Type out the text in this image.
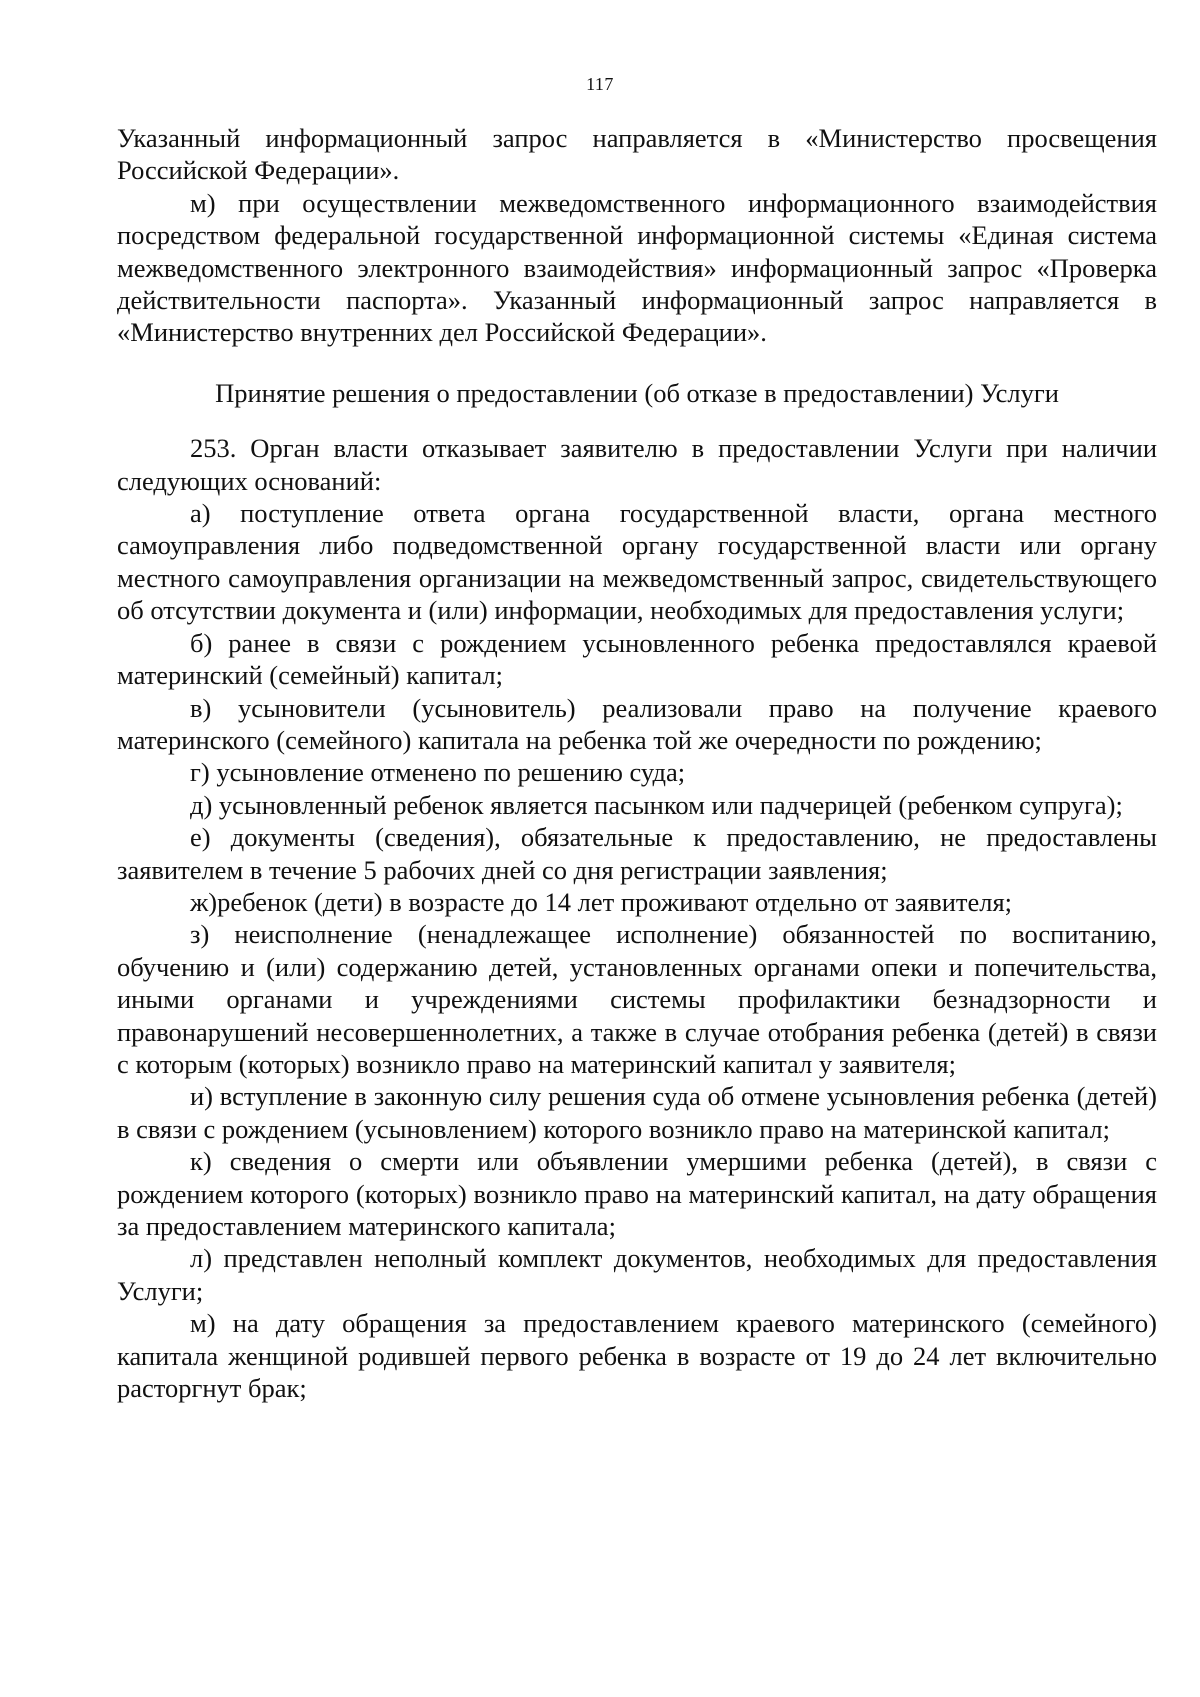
117

Указанный информационный запрос направляется в «Министерство просвещения Российской Федерации».

м) при осуществлении межведомственного информационного взаимодействия посредством федеральной государственной информационной системы «Единая система межведомственного электронного взаимодействия» информационный запрос «Проверка действительности паспорта». Указанный информационный запрос направляется в «Министерство внутренних дел Российской Федерации».

Принятие решения о предоставлении (об отказе в предоставлении) Услуги

253. Орган власти отказывает заявителю в предоставлении Услуги при наличии следующих оснований:

а) поступление ответа органа государственной власти, органа местного самоуправления либо подведомственной органу государственной власти или органу местного самоуправления организации на межведомственный запрос, свидетельствующего об отсутствии документа и (или) информации, необходимых для предоставления услуги;

б) ранее в связи с рождением усыновленного ребенка предоставлялся краевой материнский (семейный) капитал;

в) усыновители (усыновитель) реализовали право на получение краевого материнского (семейного) капитала на ребенка той же очередности по рождению;

г) усыновление отменено по решению суда;

д) усыновленный ребенок является пасынком или падчерицей (ребенком супруга);

е) документы (сведения), обязательные к предоставлению, не предоставлены заявителем в течение 5 рабочих дней со дня регистрации заявления;

ж)ребенок (дети) в возрасте до 14 лет проживают отдельно от заявителя;

з) неисполнение (ненадлежащее исполнение) обязанностей по воспитанию, обучению и (или) содержанию детей, установленных органами опеки и попечительства, иными органами и учреждениями системы профилактики безнадзорности и правонарушений несовершеннолетних, а также в случае отобрания ребенка (детей) в связи с которым (которых) возникло право на материнский капитал у заявителя;

и) вступление в законную силу решения суда об отмене усыновления ребенка (детей) в связи с рождением (усыновлением) которого возникло право на материнской капитал;

к) сведения о смерти или объявлении умершими ребенка (детей), в связи с рождением которого (которых) возникло право на материнский капитал, на дату обращения за предоставлением материнского капитала;

л) представлен неполный комплект документов, необходимых для предоставления Услуги;

м) на дату обращения за предоставлением краевого материнского (семейного) капитала женщиной родившей первого ребенка в возрасте от 19 до 24 лет включительно расторгнут брак;
